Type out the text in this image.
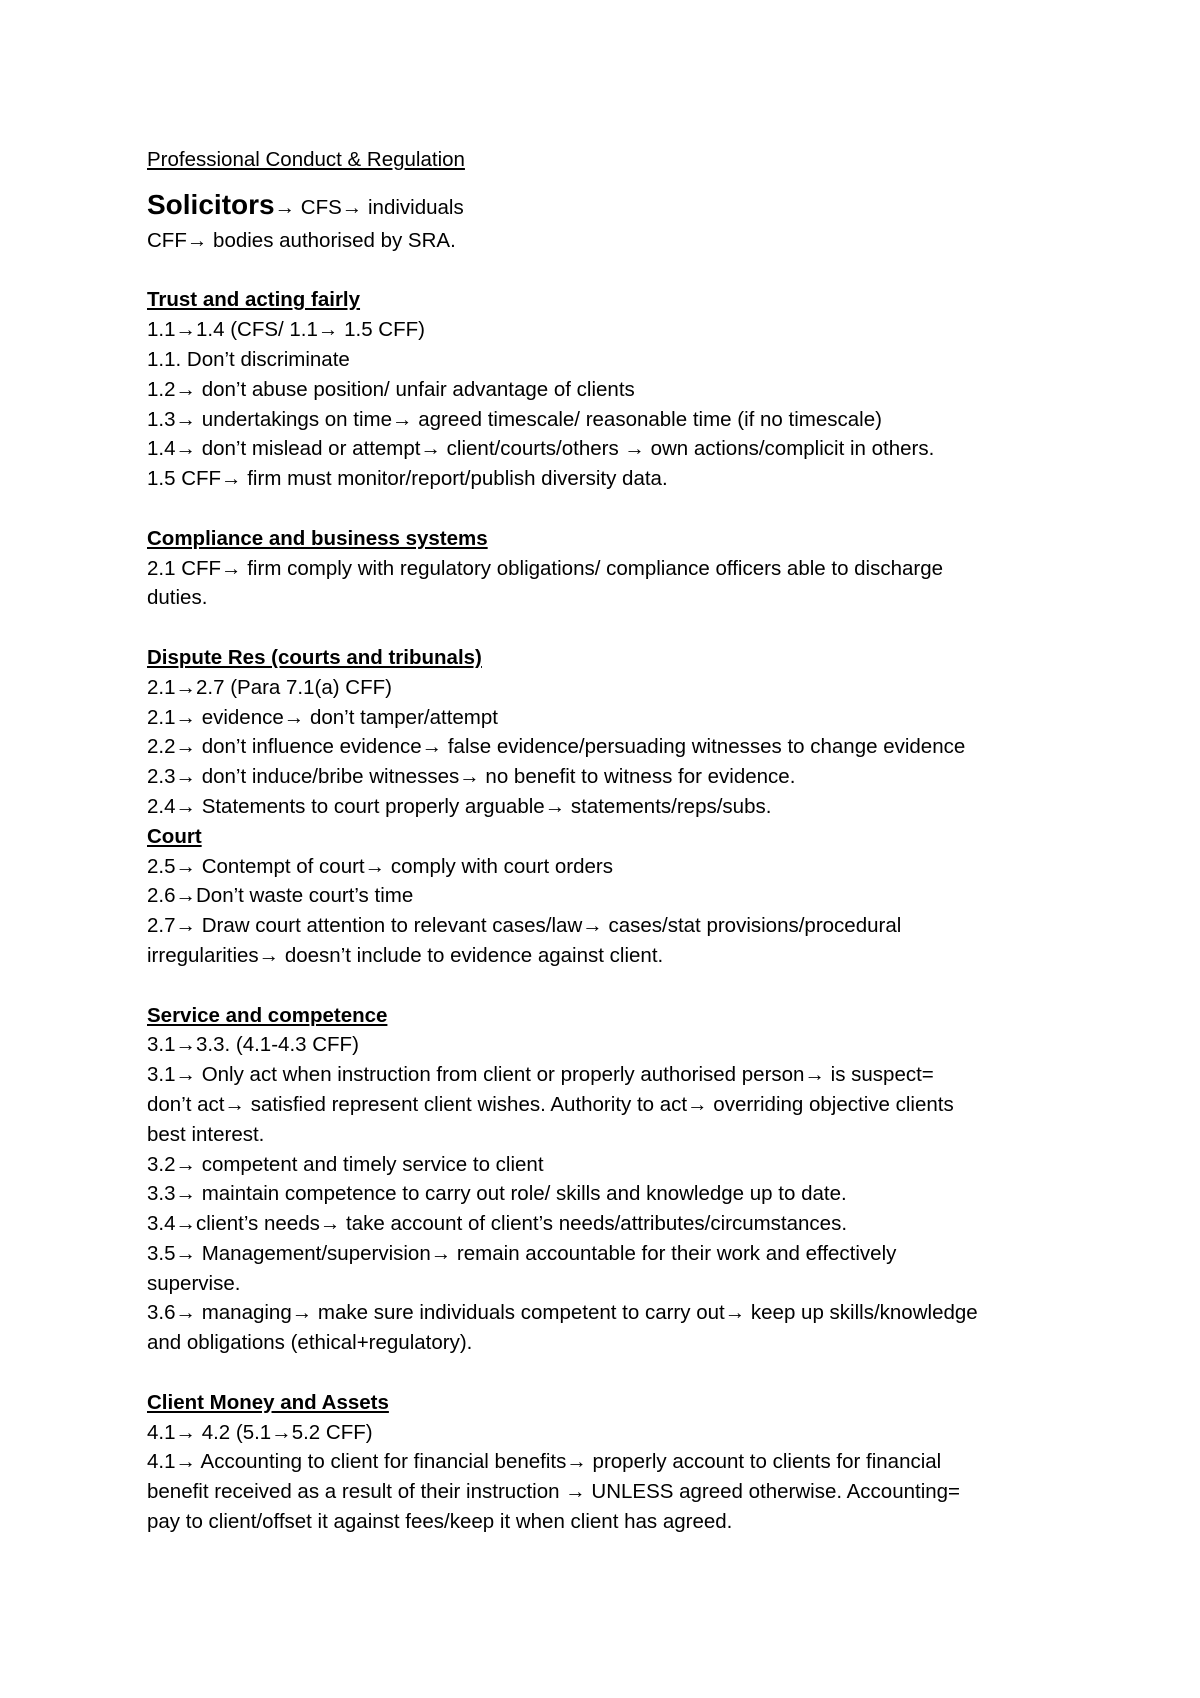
Professional Conduct & Regulation
Solicitors→ CFS→ individuals
CFF→ bodies authorised by SRA.
Trust and acting fairly
1.1→1.4 (CFS/ 1.1→ 1.5 CFF)
1.1. Don’t discriminate
1.2→ don’t abuse position/ unfair advantage of clients
1.3→ undertakings on time→ agreed timescale/ reasonable time (if no timescale)
1.4→ don’t mislead or attempt→ client/courts/others → own actions/complicit in others.
1.5 CFF→ firm must monitor/report/publish diversity data.
Compliance and business systems
2.1 CFF→ firm comply with regulatory obligations/ compliance officers able to discharge
duties.
Dispute Res (courts and tribunals)
2.1→2.7 (Para 7.1(a) CFF)
2.1→ evidence→ don’t tamper/attempt
2.2→ don’t influence evidence→ false evidence/persuading witnesses to change evidence
2.3→ don’t induce/bribe witnesses→ no benefit to witness for evidence.
2.4→ Statements to court properly arguable→ statements/reps/subs.
Court
2.5→ Contempt of court→ comply with court orders
2.6→Don’t waste court’s time
2.7→ Draw court attention to relevant cases/law→ cases/stat provisions/procedural
irregularities→ doesn’t include to evidence against client.
Service and competence
3.1→3.3. (4.1-4.3 CFF)
3.1→ Only act when instruction from client or properly authorised person→ is suspect=
don’t act→ satisfied represent client wishes. Authority to act→ overriding objective clients
best interest.
3.2→ competent and timely service to client
3.3→ maintain competence to carry out role/ skills and knowledge up to date.
3.4→client’s needs→ take account of client’s needs/attributes/circumstances.
3.5→ Management/supervision→ remain accountable for their work and effectively
supervise.
3.6→ managing→ make sure individuals competent to carry out→ keep up skills/knowledge
and obligations (ethical+regulatory).
Client Money and Assets
4.1→ 4.2 (5.1→5.2 CFF)
4.1→ Accounting to client for financial benefits→ properly account to clients for financial
benefit received as a result of their instruction → UNLESS agreed otherwise. Accounting=
pay to client/offset it against fees/keep it when client has agreed.
